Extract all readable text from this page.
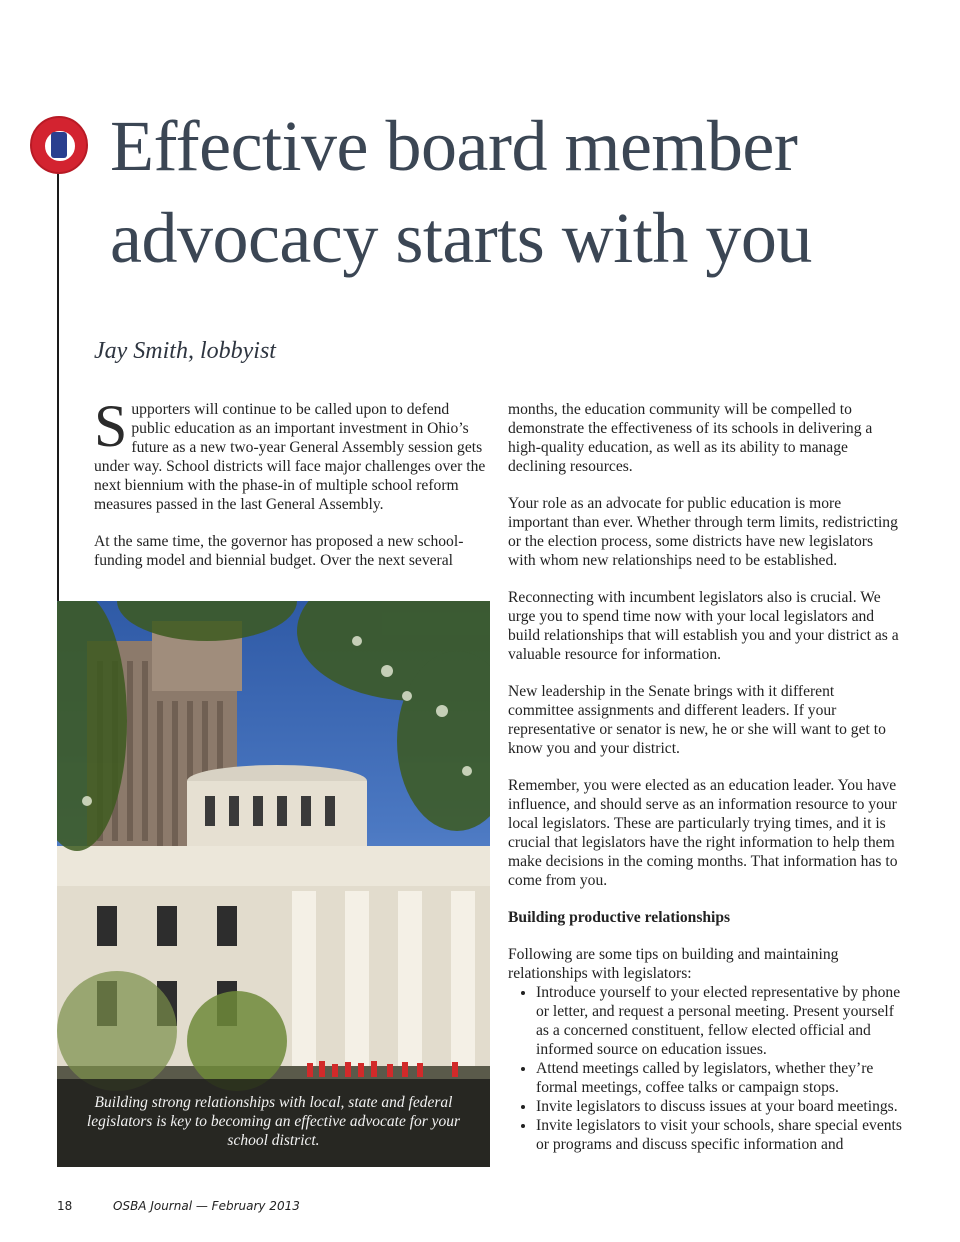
Effective board member
advocacy starts with you

Jay Smith, lobbyist

S upporters will continue to be called upon to defend public education as an important investment in Ohio’s future as a new two-year General Assembly session gets under way. School districts will face major challenges over the next biennium with the phase-in of multiple school reform measures passed in the last General Assembly.

At the same time, the governor has proposed a new school-funding model and biennial budget. Over the next several

Building strong relationships with local, state and federal legislators is key to becoming an effective advocate for your school district.

months, the education community will be compelled to demonstrate the effectiveness of its schools in delivering a high-quality education, as well as its ability to manage declining resources.

Your role as an advocate for public education is more important than ever. Whether through term limits, redistricting or the election process, some districts have new legislators with whom new relationships need to be established.

Reconnecting with incumbent legislators also is crucial. We urge you to spend time now with your local legislators and build relationships that will establish you and your district as a valuable resource for information.

New leadership in the Senate brings with it different committee assignments and different leaders. If your representative or senator is new, he or she will want to get to know you and your district.

Remember, you were elected as an education leader. You have influence, and should serve as an information resource to your local legislators. These are particularly trying times, and it is crucial that legislators have the right information to help them make decisions in the coming months. That information has to come from you.

Building productive relationships

Following are some tips on building and maintaining relationships with legislators:

• Introduce yourself to your elected representative by phone or letter, and request a personal meeting. Present yourself as a concerned constituent, fellow elected official and informed source on education issues.
• Attend meetings called by legislators, whether they’re formal meetings, coffee talks or campaign stops.
• Invite legislators to discuss issues at your board meetings.
• Invite legislators to visit your schools, share special events or programs and discuss specific information and
18	OSBA Journal — February 2013
